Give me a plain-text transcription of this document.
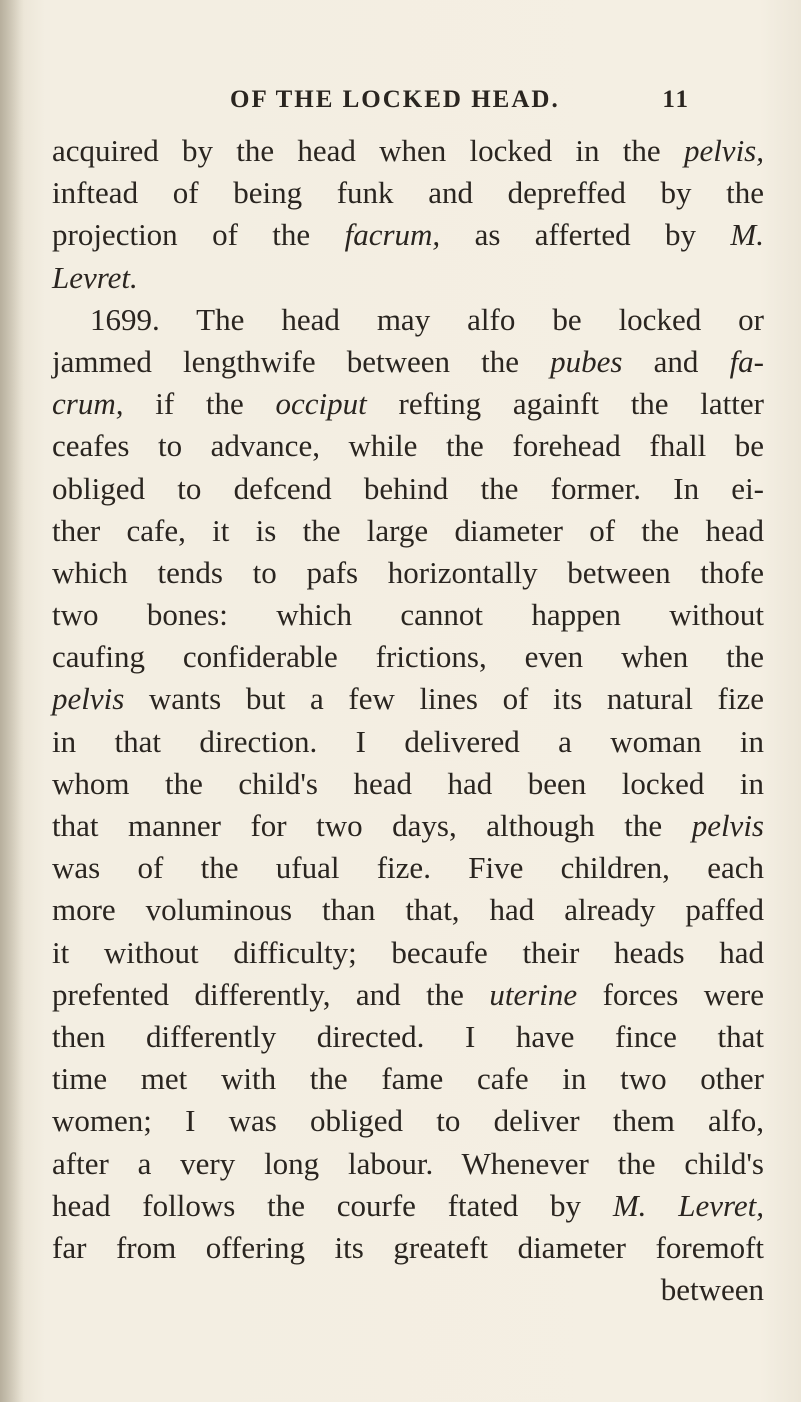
OF THE LOCKED HEAD.	11
acquired by the head when locked in the pelvis,
inftead of being funk and depreffed by the
projection of the facrum, as afferted by M.
Levret.
1699. The head may alfo be locked or
jammed lengthwife between the pubes and fa-
crum, if the occiput refting againft the latter
ceafes to advance, while the forehead fhall be
obliged to defcend behind the former. In ei-
ther cafe, it is the large diameter of the head
which tends to pafs horizontally between thofe
two bones: which cannot happen without
caufing confiderable frictions, even when the
pelvis wants but a few lines of its natural fize
in that direction. I delivered a woman in
whom the child's head had been locked in
that manner for two days, although the pelvis
was of the ufual fize. Five children, each
more voluminous than that, had already paffed
it without difficulty; becaufe their heads had
prefented differently, and the uterine forces were
then differently directed. I have fince that
time met with the fame cafe in two other
women; I was obliged to deliver them alfo,
after a very long labour. Whenever the child's
head follows the courfe ftated by M. Levret,
far from offering its greateft diameter foremoft
between
